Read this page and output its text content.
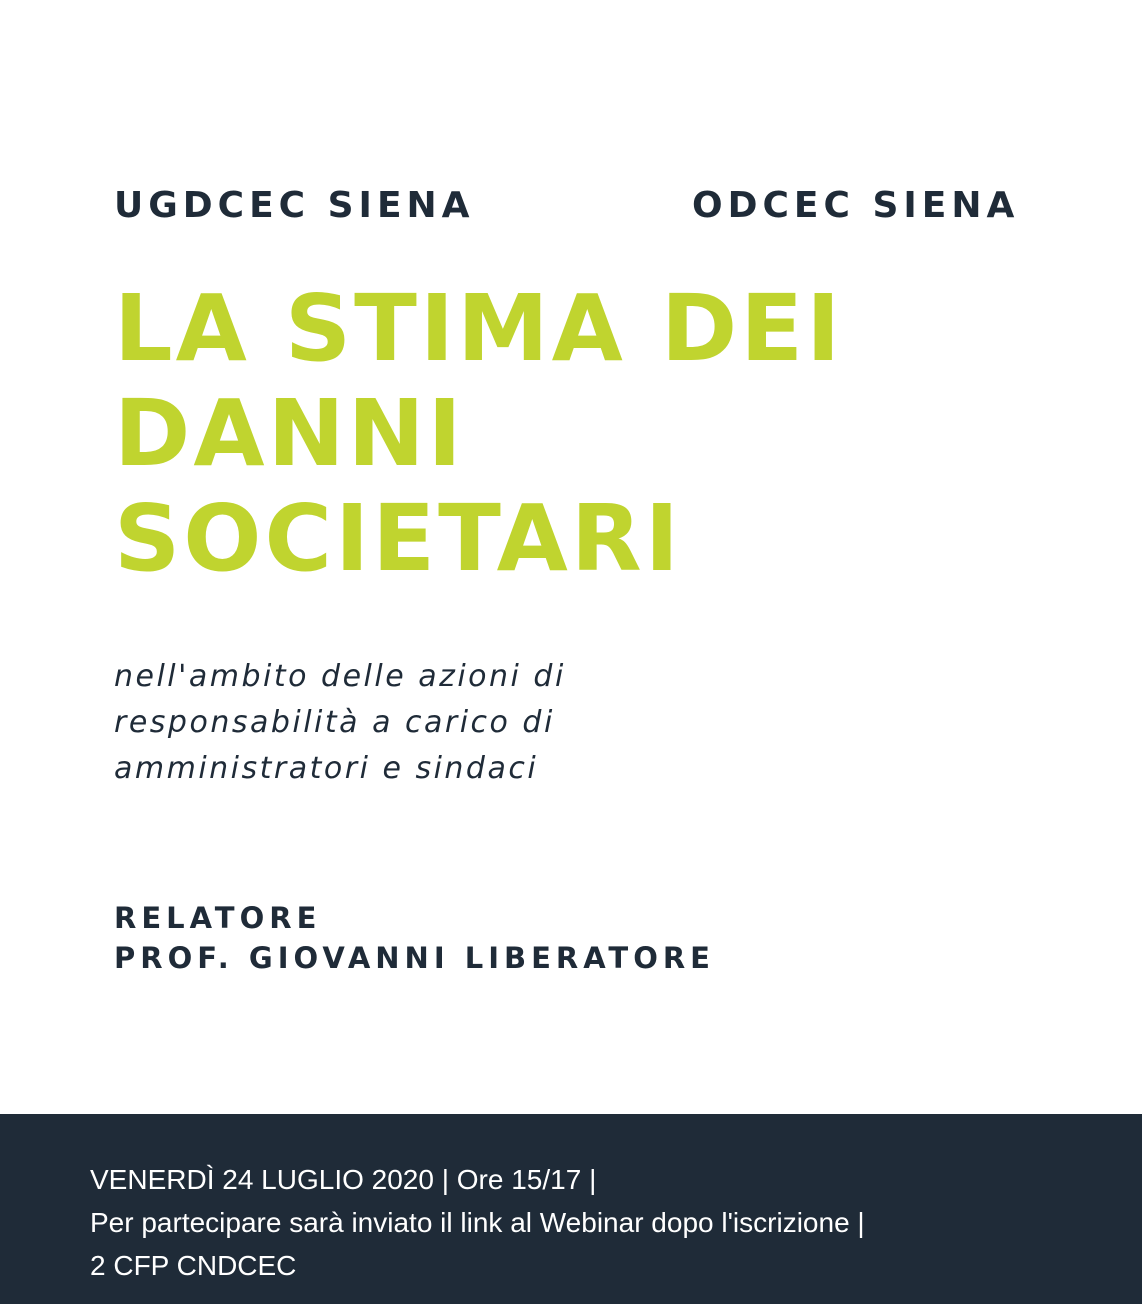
UGDCEC SIENA	ODCEC SIENA
LA STIMA DEI
DANNI
SOCIETARI
nell'ambito delle azioni di
responsabilità a carico di
amministratori e sindaci
RELATORE
PROF. GIOVANNI LIBERATORE
VENERDÌ 24 LUGLIO 2020 | Ore 15/17 |
Per partecipare sarà inviato il link al Webinar dopo l'iscrizione |
2 CFP CNDCEC
